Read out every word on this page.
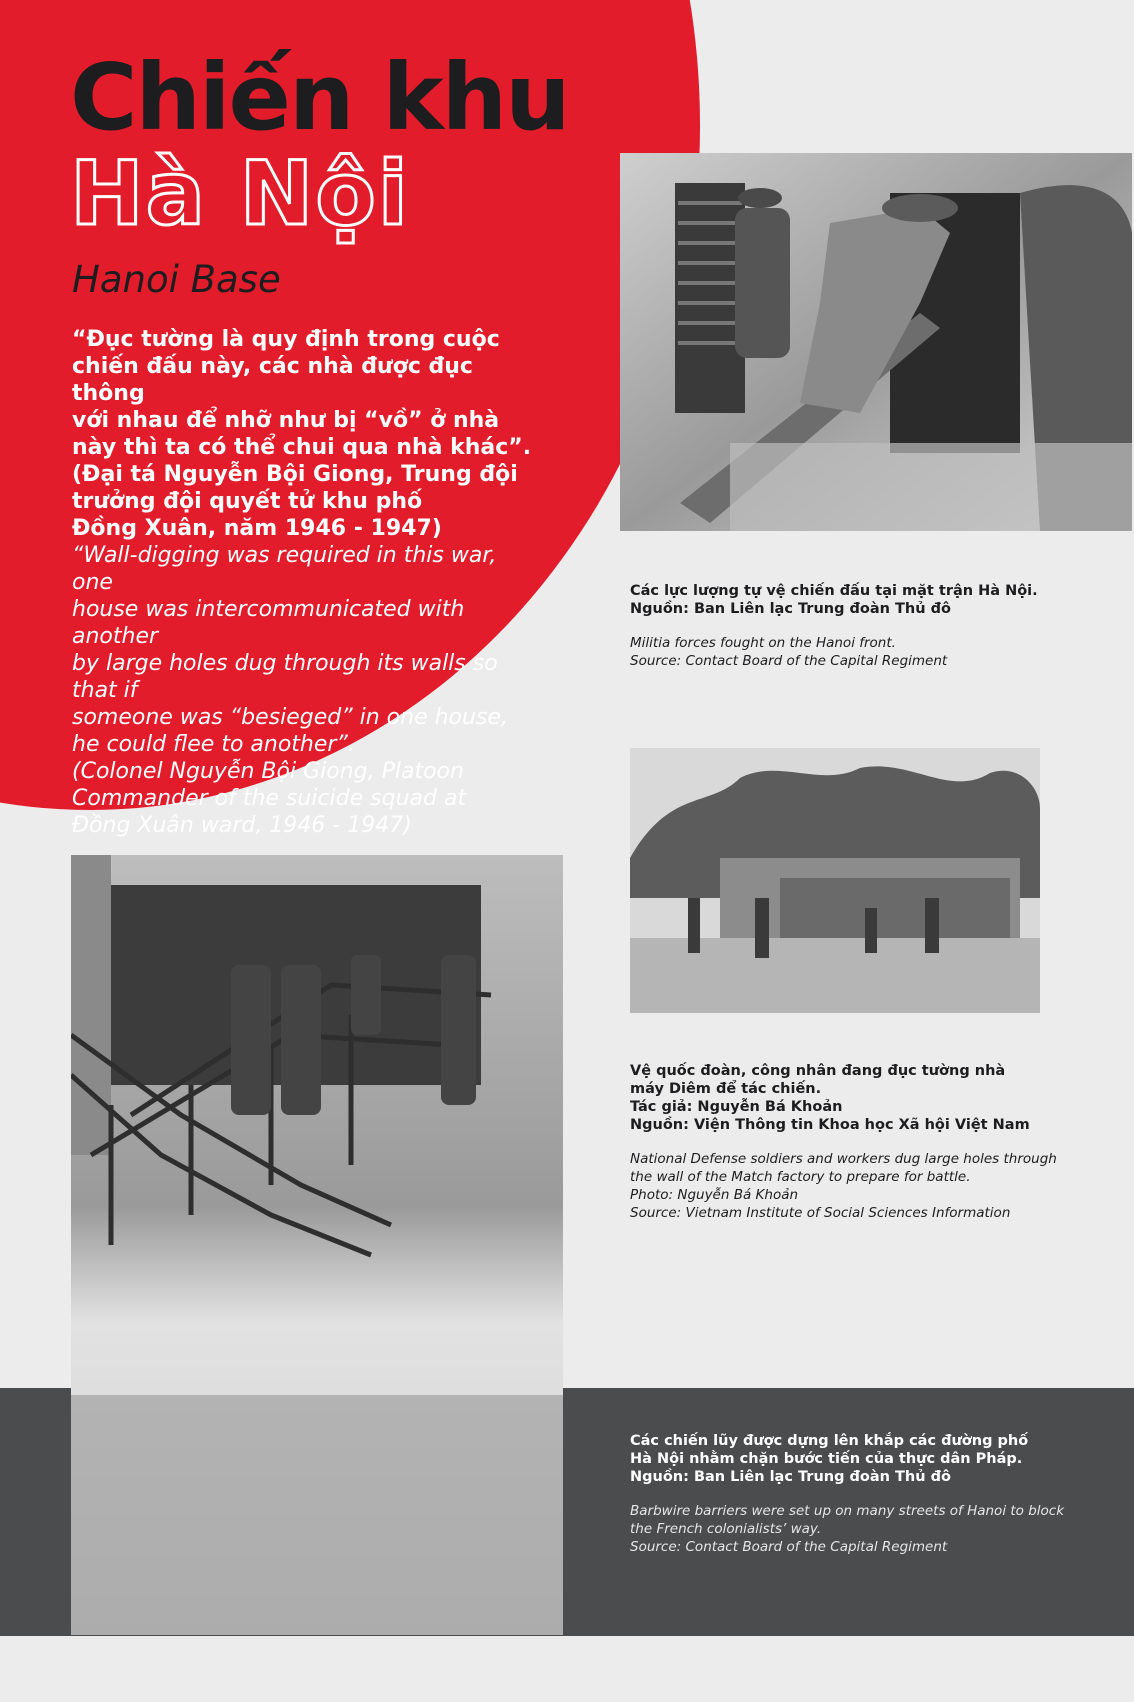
Chiến khu
Hà Nội
Hanoi Base

“Đục tường là quy định trong cuộc
chiến đấu này, các nhà được đục thông
với nhau để nhỡ như bị “vồ” ở nhà
này thì ta có thể chui qua nhà khác”.
(Đại tá Nguyễn Bội Giong, Trung đội
trưởng đội quyết tử khu phố
Đồng Xuân, năm 1946 - 1947)

“Wall-digging was required in this war, one
house was intercommunicated with another
by large holes dug through its walls so that if
someone was “besieged” in one house,
he could flee to another”.
(Colonel Nguyễn Bội Giong, Platoon
Commander of the suicide squad at
Đồng Xuân ward, 1946 - 1947)

Các lực lượng tự vệ chiến đấu tại mặt trận Hà Nội.
Nguồn: Ban Liên lạc Trung đoàn Thủ đô

Militia forces fought on the Hanoi front.
Source: Contact Board of the Capital Regiment

Vệ quốc đoàn, công nhân đang đục tường nhà
máy Diêm để tác chiến.
Tác giả: Nguyễn Bá Khoản
Nguồn: Viện Thông tin Khoa học Xã hội Việt Nam

National Defense soldiers and workers dug large holes through
the wall of the Match factory to prepare for battle.
Photo: Nguyễn Bá Khoản
Source: Vietnam Institute of Social Sciences Information

Các chiến lũy được dựng lên khắp các đường phố
Hà Nội nhằm chặn bước tiến của thực dân Pháp.
Nguồn: Ban Liên lạc Trung đoàn Thủ đô

Barbwire barriers were set up on many streets of Hanoi to block
the French colonialists’ way.
Source: Contact Board of the Capital Regiment
